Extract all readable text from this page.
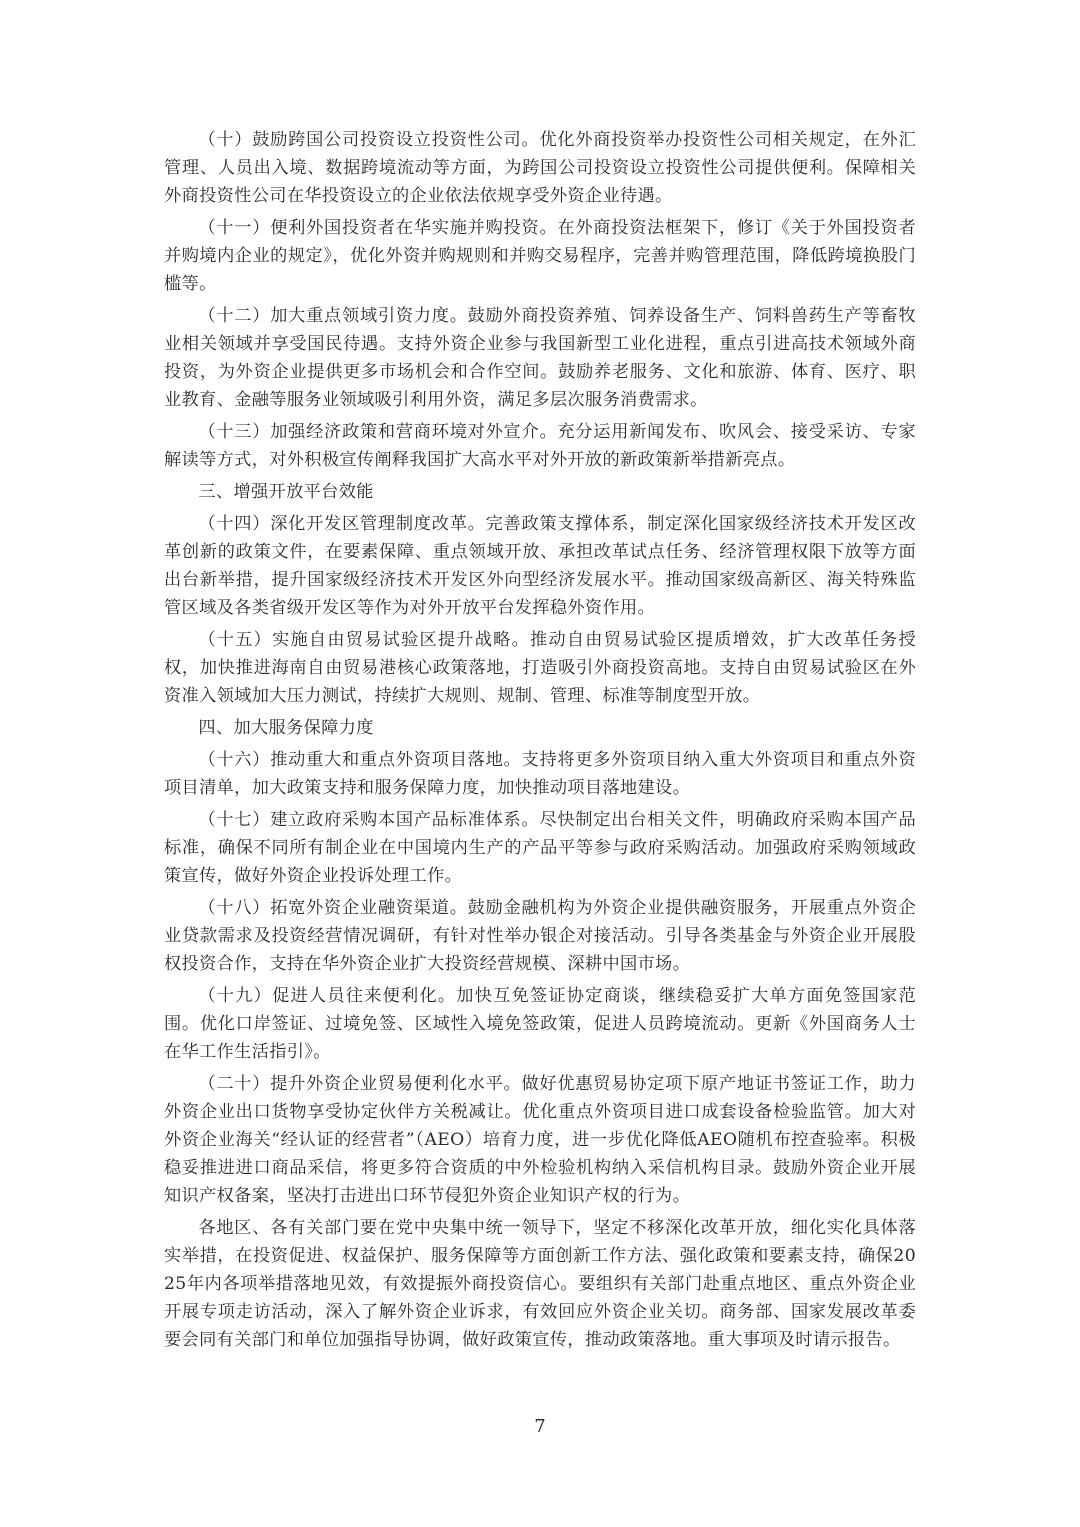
（十）鼓励跨国公司投资设立投资性公司。优化外商投资举办投资性公司相关规定，在外汇管理、人员出入境、数据跨境流动等方面，为跨国公司投资设立投资性公司提供便利。保障相关外商投资性公司在华投资设立的企业依法依规享受外资企业待遇。

（十一）便利外国投资者在华实施并购投资。在外商投资法框架下，修订《关于外国投资者并购境内企业的规定》，优化外资并购规则和并购交易程序，完善并购管理范围，降低跨境换股门槛等。

（十二）加大重点领域引资力度。鼓励外商投资养殖、饲养设备生产、饲料兽药生产等畜牧业相关领域并享受国民待遇。支持外资企业参与我国新型工业化进程，重点引进高技术领域外商投资，为外资企业提供更多市场机会和合作空间。鼓励养老服务、文化和旅游、体育、医疗、职业教育、金融等服务业领域吸引利用外资，满足多层次服务消费需求。

（十三）加强经济政策和营商环境对外宣介。充分运用新闻发布、吹风会、接受采访、专家解读等方式，对外积极宣传阐释我国扩大高水平对外开放的新政策新举措新亮点。

三、增强开放平台效能

（十四）深化开发区管理制度改革。完善政策支撑体系，制定深化国家级经济技术开发区改革创新的政策文件，在要素保障、重点领域开放、承担改革试点任务、经济管理权限下放等方面出台新举措，提升国家级经济技术开发区外向型经济发展水平。推动国家级高新区、海关特殊监管区域及各类省级开发区等作为对外开放平台发挥稳外资作用。

（十五）实施自由贸易试验区提升战略。推动自由贸易试验区提质增效，扩大改革任务授权，加快推进海南自由贸易港核心政策落地，打造吸引外商投资高地。支持自由贸易试验区在外资准入领域加大压力测试，持续扩大规则、规制、管理、标准等制度型开放。

四、加大服务保障力度

（十六）推动重大和重点外资项目落地。支持将更多外资项目纳入重大外资项目和重点外资项目清单，加大政策支持和服务保障力度，加快推动项目落地建设。

（十七）建立政府采购本国产品标准体系。尽快制定出台相关文件，明确政府采购本国产品标准，确保不同所有制企业在中国境内生产的产品平等参与政府采购活动。加强政府采购领域政策宣传，做好外资企业投诉处理工作。

（十八）拓宽外资企业融资渠道。鼓励金融机构为外资企业提供融资服务，开展重点外资企业贷款需求及投资经营情况调研，有针对性举办银企对接活动。引导各类基金与外资企业开展股权投资合作，支持在华外资企业扩大投资经营规模、深耕中国市场。

（十九）促进人员往来便利化。加快互免签证协定商谈，继续稳妥扩大单方面免签国家范围。优化口岸签证、过境免签、区域性入境免签政策，促进人员跨境流动。更新《外国商务人士在华工作生活指引》。

（二十）提升外资企业贸易便利化水平。做好优惠贸易协定项下原产地证书签证工作，助力外资企业出口货物享受协定伙伴方关税减让。优化重点外资项目进口成套设备检验监管。加大对外资企业海关“经认证的经营者”（AEO）培育力度，进一步优化降低AEO随机布控查验率。积极稳妥推进进口商品采信，将更多符合资质的中外检验机构纳入采信机构目录。鼓励外资企业开展知识产权备案，坚决打击进出口环节侵犯外资企业知识产权的行为。

各地区、各有关部门要在党中央集中统一领导下，坚定不移深化改革开放，细化实化具体落实举措，在投资促进、权益保护、服务保障等方面创新工作方法、强化政策和要素支持，确保2025年内各项举措落地见效，有效提振外商投资信心。要组织有关部门赴重点地区、重点外资企业开展专项走访活动，深入了解外资企业诉求，有效回应外资企业关切。商务部、国家发展改革委要会同有关部门和单位加强指导协调，做好政策宣传，推动政策落地。重大事项及时请示报告。

7
